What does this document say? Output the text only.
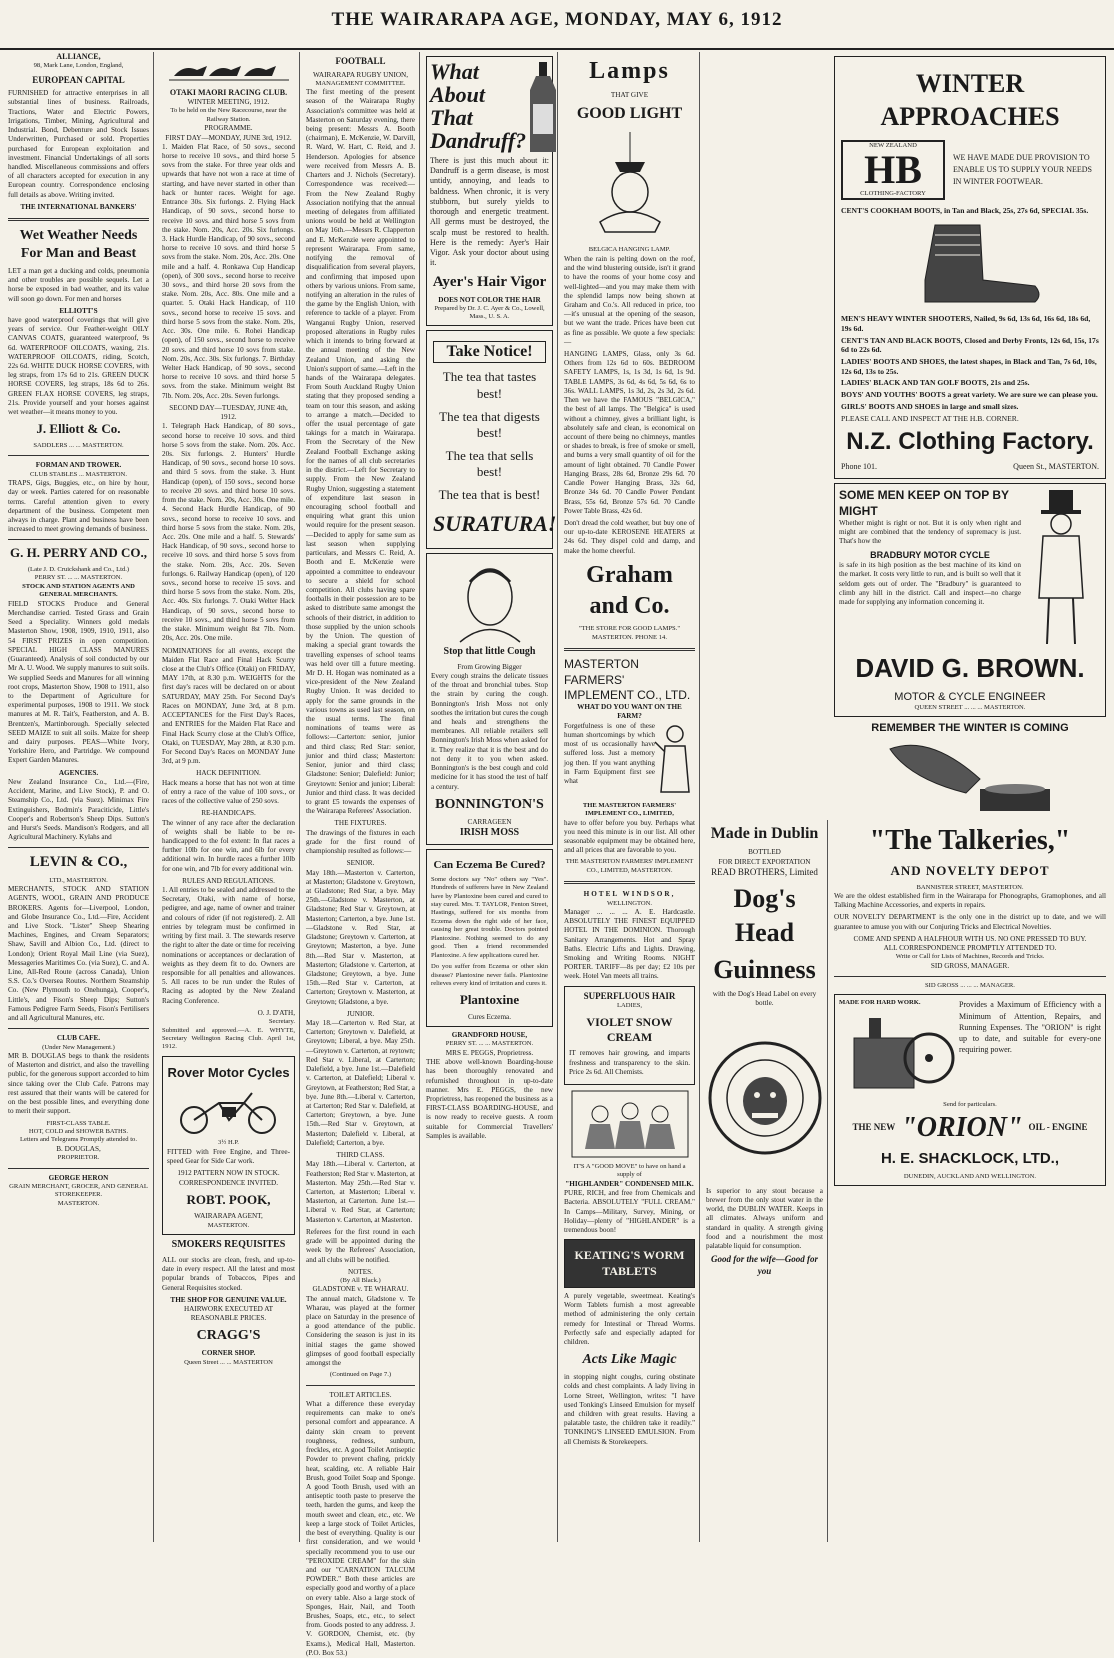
THE WAIRARAPA AGE, MONDAY, MAY 6, 1912
ALLIANCE,
98, Mark Lane, London, England,
EUROPEAN CAPITAL

FURNISHED for attractive enterprises in all substantial lines of business. Railroads, Tractions, Water and Electric Powers, Irrigations, Timber, Mining, Agricultural and Industrial. Bond, Debenture and Stock Issues Underwritten, Purchased or sold. Properties purchased for European exploitation and investment. Financial Undertakings of all sorts handled. Miscellaneous commissions and offers of all characters accepted for execution in any European country. Correspondence enclosing full details as above. Writing invited.

THE INTERNATIONAL BANKERS'
Wet Weather Needs For Man and Beast

LET a man get a ducking and colds, pneumonia and other troubles are possible sequels. Let a horse be exposed in bad weather, and its value will soon go down. For men and horses

ELLIOTT'S

have good waterproof coverings that will give years of service. Our Feather-weight OILY CANVAS COATS, guaranteed waterproof, 9s 6d. WATERPROOF OILCOATS, waxing, 21s. WATERPROOF OILCOATS, riding, Scotch, 22s 6d. WHITE DUCK HORSE COVERS, with leg straps, from 17s 6d to 21s. GREEN DUCK HORSE COVERS, leg straps, 18s 6d to 26s. GREEN FLAX HORSE COVERS, leg straps, 21s. Provide yourself and your horses against wet weather—it means money to you.

J. Elliott & Co.
SADDLERS ... ... MASTERTON.
FORMAN AND TROWER.
CLUB STABLES ... MASTERTON.

TRAPS, Gigs, Buggies, etc., on hire by hour, day or week. Parties catered for on reasonable terms. Careful attention given to every department of the business. Competent men always in charge. Plant and business have been increased to meet growing demands of business.

G. H. PERRY AND CO.,
(Late J. D. Cruickshank and Co., Ltd.)
PERRY ST. ... ... MASTERTON.
STOCK AND STATION AGENTS AND GENERAL MERCHANTS.

FIELD STOCKS Produce and General Merchandise carried. Tested Grass and Grain Seed a Speciality. Winners gold medals Masterton Show, 1908, 1909, 1910, 1911, also 54 FIRST PRIZES in open competition. SPECIAL HIGH CLASS MANURES (Guaranteed). Analysis of soil conducted by our Mr A. U. Wood. We supply manures to suit soils. We supplied Seeds and Manures for all winning root crops, Masterton Show, 1908 to 1911, also to the Department of Agriculture for experimental purposes, 1908 to 1911. We stock manures at M. R. Tait's, Featherston, and A. B. Brentzen's, Martinborough. Specially selected SEED MAIZE to suit all soils. Maize for sheep and dairy purposes. PEAS—White Ivory, Yorkshire Hero, and Partridge. We compound Expert Garden Manures.

AGENCIES.

New Zealand Insurance Co., Ltd.—(Fire, Accident, Marine, and Live Stock), P. and O. Steamship Co., Ltd. (via Suez). Minimax Fire Extinguishers, Bodmin's Paraciticide, Little's Cooper's and Robertson's Sheep Dips. Sutton's and Hurst's Seeds. Mandison's Rodgers, and all Agricultural Machinery. Kylahs and

LEVIN & CO.,
LTD., MASTERTON.

MERCHANTS, STOCK AND STATION AGENTS, WOOL, GRAIN AND PRODUCE BROKERS. Agents for—Liverpool, London, and Globe Insurance Co., Ltd.—Fire, Accident and Live Stock. "Lister" Sheep Shearing Machines, Engines, and Cream Separators; Shaw, Savill and Albion Co., Ltd. (direct to London); Orient Royal Mail Line (via Suez), Messageries Maritimes Co. (via Suez), C. and A. Line, All-Red Route (across Canada), Union S.S. Co.'s Oversea Routes. Northern Steamship Co. (New Plymouth to Onehunga), Cooper's, Little's, and Fison's Sheep Dips; Sutton's Famous Pedigree Farm Seeds, Fison's Fertilisers and all Agricultural Manures, etc.

CLUB CAFE.
(Under New Management.)

MR B. DOUGLAS begs to thank the residents of Masterton and district, and also the travelling public, for the generous support accorded to him since taking over the Club Cafe. Patrons may rest assured that their wants will be catered for on the best possible lines, and everything done to merit their support.

FIRST-CLASS TABLE.
HOT, COLD and SHOWER BATHS.
Letters and Telegrams Promptly attended to.
B. DOUGLAS,
PROPRIETOR.
GEORGE HERON
GRAIN MERCHANT, GROCER, AND GENERAL STOREKEEPER.
MASTERTON.
OTAKI MAORI RACING CLUB.
WINTER MEETING, 1912.
To be held on the New Racecourse, near the Railway Station.
PROGRAMME.
FIRST DAY—MONDAY, JUNE 3rd, 1912.

1. Maiden Flat Race, of 50 sovs., second horse to receive 10 sovs., and third horse 5 sovs from the stake. For three year olds and upwards that have not won a race at time of starting, and have never started in other than hack or hunter races. Weight for age. Entrance 30s. Six furlongs. 2. Flying Hack Handicap, of 90 sovs., second horse to receive 10 sovs. and third horse 5 sovs from the stake. Nom. 20s, Acc. 20s. Six furlongs. 3. Hack Hurdle Handicap, of 90 sovs., second horse to receive 10 sovs. and third horse 5 sovs from the stake. Nom. 20s, Acc. 20s. One mile and a half. 4. Ronkawa Cup Handicap (open), of 300 sovs., second horse to receive 30 sovs., and third horse 20 sovs from the stake. Nom. 20s, Acc. 80s. One mile and a quarter. 5. Otaki Hack Handicap, of 110 sovs., second horse to receive 15 sovs. and third horse 5 sovs from the stake. Nom. 20s, Acc. 30s. One mile. 6. Rohei Handicap (open), of 150 sovs., second horse to receive 20 sovs. and third horse 10 sovs from stake. Nom. 20s, Acc. 30s. Six furlongs. 7. Birthday Welter Hack Handicap, of 90 sovs., second horse to receive 10 sovs. and third horse 5 sovs. from the stake. Minimum weight 8st 7lb. Nom. 20s, Acc. 20s. Seven furlongs.

SECOND DAY—TUESDAY, JUNE 4th, 1912.

1. Telegraph Hack Handicap, of 80 sovs., second horse to receive 10 sovs. and third horse 5 sovs from the stake. Nom. 20s. Acc. 20s. Six furlongs. 2. Hunters' Hurdle Handicap, of 90 sovs., second horse 10 sovs. and third 5 sovs. from the stake. 3. Hunt Handicap (open), of 150 sovs., second horse to receive 20 sovs. and third horse 10 sovs. from the stake. Nom. 20s, Acc. 30s. One mile. 4. Second Hack Hurdle Handicap, of 90 sovs., second horse to receive 10 sovs. and third horse 5 sovs from the stake. Nom. 20s, Acc. 20s. One mile and a half. 5. Stewards' Hack Handicap, of 90 sovs., second horse to receive 10 sovs. and third horse 5 sovs from the stake. Nom. 20s, Acc. 20s. Seven furlongs. 6. Railway Handicap (open), of 120 sovs., second horse to receive 15 sovs. and third horse 5 sovs from the stake. Nom. 20s, Acc. 40s. Six furlongs. 7. Otaki Welter Hack Handicap, of 90 sovs., second horse to receive 10 sovs., and third horse 5 sovs from the stake. Minimum weight 8st 7lb. Nom. 20s, Acc. 20s. One mile.

NOMINATIONS for all events, except the Maiden Flat Race and Final Hack Scurry close at the Club's Office (Otaki) on FRIDAY, MAY 17th, at 8.30 p.m. WEIGHTS for the first day's races will be declared on or about SATURDAY, MAY 25th. For Second Day's Races on MONDAY, June 3rd, at 8 p.m. ACCEPTANCES for the First Day's Races, and ENTRIES for the Maiden Flat Race and Final Hack Scurry close at the Club's Office, Otaki, on TUESDAY, May 28th, at 8.30 p.m. For Second Day's Races on MONDAY June 3rd, at 9 p.m.

HACK DEFINITION.

Hack means a horse that has not won at time of entry a race of the value of 100 sovs., or races of the collective value of 250 sovs.

RE-HANDICAPS.

The winner of any race after the declaration of weights shall be liable to be re-handicapped to the fol extent: In flat races a further 10lb for one win, and 6lb for every additional win. In hurdle races a further 10lb for one win, and 7lb for every additional win.

RULES AND REGULATIONS.

1. All entries to be sealed and addressed to the Secretary, Otaki, with name of horse, pedigree, and age, name of owner and trainer and colours of rider (if not registered). 2. All entries by telegram must be confirmed in writing by first mail. 3. The stewards reserve the right to alter the date or time for receiving nominations or acceptances or declaration of weights as they deem fit to do. Owners are responsible for all penalties and allowances. 5. All races to be run under the Rules of Racing as adopted by the New Zealand Racing Conference.

O. J. D'ATH,
Secretary.

Submitted and approved.—A. E. WHYTE, Secretary Wellington Racing Club. April 1st, 1912.

Rover Motor Cycles
3½ H.P.

FITTED with Free Engine, and Three-speed Gear for Side Car work.

1912 PATTERN NOW IN STOCK.
CORRESPONDENCE INVITED.
ROBT. POOK,
WAIRARAPA AGENT,
MASTERTON.
SMOKERS REQUISITES

ALL our stocks are clean, fresh, and up-to-date in every respect. All the latest and most popular brands of Tobaccos, Pipes and General Requisites stocked.

THE SHOP FOR GENUINE VALUE.
HAIRWORK EXECUTED AT REASONABLE PRICES.
CRAGG'S
CORNER SHOP.
Queen Street ... ... MASTERTON
FOOTBALL
WAIRARAPA RUGBY UNION,
MANAGEMENT COMMITTEE.

The first meeting of the present season of the Wairarapa Rugby Association's committee was held at Masterton on Saturday evening, there being present: Messrs A. Booth (chairman), E. McKenzie, W. Darvill, R. Ward, W. Hart, C. Reid, and J. Henderson. Apologies for absence were received from Messrs A. B. Charters and J. Nichols (Secretary). Correspondence was received:—From the New Zealand Rugby Association notifying that the annual meeting of delegates from affiliated unions would be held at Wellington on May 16th.—Messrs R. Clapperton and E. McKenzie were appointed to represent Wairarapa. From same, notifying the removal of disqualification from several players, and confirming that imposed upon others by various unions. From same, notifying an alteration in the rules of the game by the English Union, with reference to tackle of a player. From Wanganui Rugby Union, reserved proposed alterations in Rugby rules which it intends to bring forward at the annual meeting of the New Zealand Union, and asking the Union's support of same.—Left in the hands of the Wairarapa delegates. From South Auckland Rugby Union stating that they proposed sending a team on tour this season, and asking to arrange a match.—Decided to offer the usual percentage of gate takings for a match in Wairarapa. From the Secretary of the New Zealand Football Exchange asking for the names of all club secretaries in the district.—Left for Secretary to supply. From the New Zealand Rugby Union, suggesting a statement of expenditure last season in encouraging school football and enquiring what grant this union would require for the present season.—Decided to apply for same sum as last season when supplying particulars, and Messrs C. Reid, A. Booth and E. McKenzie were appointed a committee to endeavour to secure a shield for school competition. All clubs having spare footballs in their possession are to be asked to distribute same amongst the schools of their district, in addition to those supplied by the union schools by the Union. The question of making a special grant towards the travelling expenses of school teams was held over till a future meeting. Mr D. H. Hogan was nominated as a vice-president of the New Zealand Rugby Union. It was decided to apply for the same grounds in the various towns as used last season, on the usual terms. The final nominations of teams were as follows:—Carterton: senior, junior and third class; Red Star: senior, junior and third class; Masterton: Senior, junior and third class; Gladstone: Senior; Dalefield: Junior; Greytown: Senior and junior; Liberal: Junior and third class. It was decided to grant £5 towards the expenses of the Wairarapa Referees' Association.

THE FIXTURES.

The drawings of the fixtures in each grade for the first round of championship resulted as follows:—

SENIOR.

May 18th.—Masterton v. Carterton, at Masterton; Gladstone v. Greytown, at Gladstone; Red Star, a bye. May 25th.—Gladstone v. Masterton, at Gladstone; Red Star v. Greytown, at Masterton; Carterton, a bye. June 1st.—Gladstone v. Red Star, at Gladstone; Greytown v. Carterton, at Greytown; Masterton, a bye. June 8th.—Red Star v. Masterton, at Masterton; Gladstone v. Carterton, at Gladstone; Greytown, a bye. June 15th.—Red Star v. Carterton, at Carterton; Greytown v. Masterton, at Greytown; Gladstone, a bye.

JUNIOR.

May 18.—Carterton v. Red Star, at Carterton; Greytown v. Dalefield, at Greytown; Liberal, a bye. May 25th.—Greytown v. Carterton, at reytown; Red Star v. Liberal, at Carterton; Dalefield, a bye. June 1st.—Dalefield v. Carterton, at Dalefield; Liberal v. Greytown, at Featherston; Red Star, a bye. June 8th.—Liberal v. Carterton, at Carterton; Red Star v. Dalefield, at Carterton; Greytown, a bye. June 15th.—Red Star v. Greytown, at Masterton; Dalefield v. Liberal, at Dalefield; Carterton, a bye.

THIRD CLASS.

May 18th.—Liberal v. Carterton, at Featherston; Red Star v. Masterton, at Masterton. May 25th.—Red Star v. Carterton, at Masterton; Liberal v. Masterton, at Carterton. June 1st.—Liberal v. Red Star, at Carterton; Masterton v. Carterton, at Masterton.

Referees for the first round in each grade will be appointed during the week by the Referees' Association, and all clubs will be notified.

NOTES.
(By All Black.)
GLADSTONE v. TE WHARAU.

The annual match, Gladstone v. Te Wharau, was played at the former place on Saturday in the presence of a good attendance of the public. Considering the season is just in its initial stages the game showed glimpses of good football especially amongst the

(Continued on Page 7.)
TOILET ARTICLES.

What a difference these everyday requirements can make to one's personal comfort and appearance. A dainty skin cream to prevent roughness, redness, sunburn, freckles, etc. A good Toilet Antiseptic Powder to prevent chafing, prickly heat, scalding, etc. A reliable Hair Brush, good Toilet Soap and Sponge. A good Tooth Brush, used with an antiseptic tooth paste to preserve the teeth, harden the gums, and keep the mouth sweet and clean, etc., etc. We keep a large stock of Toilet Articles, the best of everything. Quality is our first consideration, and we would specially recommend you to use our "PEROXIDE CREAM" for the skin and our "CARNATION TALCUM POWDER." Both these articles are especially good and worthy of a place on every table. Also a large stock of Sponges, Hair, Nail, and Tooth Brushes, Soaps, etc., etc., to select from. Goods posted to any address. J. V. GORDON, Chemist, etc. (by Exams.), Medical Hall, Masterton. (P.O. Box 53.)

What About That Dandruff?

There is just this much about it: Dandruff is a germ disease, is most untidy, annoying, and leads to baldness. When chronic, it is very stubborn, but surely yields to thorough and energetic treatment. All germs must be destroyed, the scalp must be restored to health. Here is the remedy: Ayer's Hair Vigor. Ask your doctor about using it.

Ayer's Hair Vigor
DOES NOT COLOR THE HAIR
Prepared by Dr. J. C. Ayer & Co., Lowell, Mass., U. S. A.
Take Notice!
The tea that tastes best!
The tea that digests best!
The tea that sells best!
The tea that is best!
SURATURA!
Stop that little Cough
From Growing Bigger

Every cough strains the delicate tissues of the throat and bronchial tubes. Stop the strain by curing the cough. Bonnington's Irish Moss not only soothes the irritation but cures the cough and heals and strengthens the membranes. All reliable retailers sell Bonnington's Irish Moss when asked for it. They realize that it is the best and do not deny it to you when asked. Bonnington's is the best cough and cold medicine for it has stood the test of half a century.

BONNINGTON'S
CARRAGEEN
IRISH MOSS
Can Eczema Be Cured?

Some doctors say "No" others say "Yes". Hundreds of sufferers have in New Zealand have by Plantoxine been cured and cured to stay cured. Mrs. T. TAYLOR, Fenton Street, Hastings, suffered for six months from Eczema down the right side of her face, causing her great trouble. Doctors pointed Plantoxine. Nothing seemed to do any good. Then a friend recommended Plantoxine. A few applications cured her.

Do you suffer from Eczema or other skin disease? Plantoxine never fails. Plantoxine relieves every kind of irritation and cures it.

Plantoxine
Cures Eczema.
GRANDFORD HOUSE,
PERRY ST. ... ... MASTERTON.
MRS E. PEGGS, Proprietress.

THE above well-known Boarding-house has been thoroughly renovated and refurnished throughout in up-to-date manner. Mrs E. PEGGS, the new Proprietress, has reopened the business as a FIRST-CLASS BOARDING-HOUSE, and is now ready to receive guests. A room suitable for Commercial Travellers' Samples is available.

Lamps
THAT GIVE
GOOD LIGHT
BELGICA HANGING LAMP.

When the rain is pelting down on the roof, and the wind blustering outside, isn't it grand to have the rooms of your home cosy and well-lighted—and you may make them with the splendid lamps now being shown at Graham and Co.'s. All reduced in price, too—it's unusual at the opening of the season, but we want the trade. Prices have been cut as fine as possible. We quote a few specials:—

HANGING LAMPS, Glass, only 3s 6d. Others from 12s 6d to 60s. BEDROOM SAFETY LAMPS, 1s, 1s 3d, 1s 6d, 1s 9d. TABLE LAMPS, 3s 6d, 4s 6d, 5s 6d, 6s to 36s. WALL LAMPS, 1s 3d, 2s, 2s 3d, 2s 6d. Then we have the FAMOUS "BELGICA," the best of all lamps. The "Belgica" is used without a chimney, gives a brilliant light, is absolutely safe and clean, is economical on account of there being no chimneys, mantles or shades to break, is free of smoke or smell, and burns a very small quantity of oil for the amount of light obtained. 70 Candle Power Hanging Brass, 28s 6d, Bronze 29s 6d. 70 Candle Power Hanging Brass, 32s 6d, Bronze 34s 6d. 70 Candle Power Pendant Brass, 55s 6d, Bronze 57s 6d. 70 Candle Power Table Brass, 42s 6d.

Don't dread the cold weather, but buy one of our up-to-date KEROSENE HEATERS at 24s 6d. They dispel cold and damp, and make the home cheerful.

Graham and Co.
"THE STORE FOR GOOD LAMPS." MASTERTON. PHONE 14.
MASTERTON FARMERS' IMPLEMENT CO., LTD.
WHAT DO YOU WANT ON THE FARM?

Forgetfulness is one of these human shortcomings by which most of us occasionally have suffered loss. Just a memory jog then. If you want anything in Farm Equipment first see what

THE MASTERTON FARMERS' IMPLEMENT CO., LIMITED,

have to offer before you buy. Perhaps what you need this minute is in our list. All other seasonable equipment may be obtained here, and all prices that are favorable to you.

THE MASTERTON FARMERS' IMPLEMENT CO., LIMITED, MASTERTON.
HOTEL WINDSOR,
WELLINGTON.

Manager ... ... ... A. E. Hardcastle. ABSOLUTELY THE FINEST EQUIPPED HOTEL IN THE DOMINION. Thorough Sanitary Arrangements. Hot and Spray Baths. Electric Lifts and Lights. Drawing, Smoking and Writing Rooms. NIGHT PORTER. TARIFF—8s per day; £2 10s per week. Hotel Van meets all trains.

SUPERFLUOUS HAIR
LADIES,
VIOLET SNOW CREAM

IT removes hair growing, and imparts freshness and transparency to the skin. Price 2s 6d. All Chemists.

IT'S A "GOOD MOVE" to have on hand a supply of
"HIGHLANDER" CONDENSED MILK.

PURE, RICH, and free from Chemicals and Bacteria. ABSOLUTELY "FULL CREAM." In Camps—Military, Survey, Mining, or Holiday—plenty of "HIGHLANDER" is a tremendous boon!

KEATING'S WORM TABLETS

A purely vegetable, sweetmeat. Keating's Worm Tablets furnish a most agreeable method of administering the only certain remedy for Intestinal or Thread Worms. Perfectly safe and especially adapted for children.

Acts Like Magic

in stopping night coughs, curing obstinate colds and chest complaints. A lady living in Lorne Street, Wellington, writes: "I have used Tonking's Linseed Emulsion for myself and children with great results. Having a palatable taste, the children take it readily." TONKING'S LINSEED EMULSION. From all Chemists & Storekeepers.

Made in Dublin
BOTTLED
FOR DIRECT EXPORTATION
READ BROTHERS, Limited
Dog's Head
Guinness
with the Dog's Head Label on every bottle.

Is superior to any stout because a brewer from the only stout water in the world, the DUBLIN WATER. Keeps in all climates. Always uniform and standard in quality. A strength giving food and a nourishment the most palatable liquid for consumption.

Good for the wife—Good for you
WINTER APPROACHES
NEW ZEALAND
HB
CLOTHING-FACTORY
WE HAVE MADE DUE PROVISION TO ENABLE US TO SUPPLY YOUR NEEDS IN WINTER FOOTWEAR.
CENT'S COOKHAM BOOTS, in Tan and Black, 25s, 27s 6d, SPECIAL 35s.
MEN'S HEAVY WINTER SHOOTERS, Nailed, 9s 6d, 13s 6d, 16s 6d, 18s 6d, 19s 6d.
CENT'S TAN AND BLACK BOOTS, Closed and Derby Fronts, 12s 6d, 15s, 17s 6d to 22s 6d.
LADIES' BOOTS AND SHOES, the latest shapes, in Black and Tan, 7s 6d, 10s, 12s 6d, 13s to 25s.
LADIES' BLACK AND TAN GOLF BOOTS, 21s and 25s.
BOYS' AND YOUTHS' BOOTS a great variety. We are sure we can please you.
GIRLS' BOOTS AND SHOES in large and small sizes.
PLEASE CALL AND INSPECT AT THE H.B. CORNER.
N.Z. Clothing Factory.
Phone 101.	Queen St., MASTERTON.
SOME MEN KEEP ON TOP BY MIGHT

Whether might is right or not. But it is only when right and might are combined that the tendency of supremacy is just. That's how the

BRADBURY MOTOR CYCLE

is safe in its high position as the best machine of its kind on the market. It costs very little to run, and is built so well that it seldom gets out of order. The "Bradbury" is guaranteed to climb any hill in the district. Call and inspect—no charge made for supplying any information concerning it.

DAVID G. BROWN.
MOTOR & CYCLE ENGINEER
QUEEN STREET ... ... ... MASTERTON.
REMEMBER THE WINTER IS COMING
"The Talkeries,"
AND NOVELTY DEPOT
BANNISTER STREET, MASTERTON.

We are the oldest established firm in the Wairarapa for Phonographs, Gramophones, and all Talking Machine Accessories, and experts in repairs.

OUR NOVELTY DEPARTMENT is the only one in the district up to date, and we will guarantee to amuse you with our Conjuring Tricks and Electrical Novelties.

COME AND SPEND A HALFHOUR WITH US. NO ONE PRESSED TO BUY.
ALL CORRESPONDENCE PROMPTLY ATTENDED TO.
Write or Call for Lists of Machines, Records and Tricks.
SID GROSS, MANAGER.
SID GROSS ... ... ... MANAGER.
MADE FOR HARD WORK.	Provides a Maximum of Efficiency with a Minimum of Attention, Repairs, and Running Expenses. The "ORION" is right up to date, and suitable for every-one requiring power.

Send for particulars.
THE NEW "ORION" OIL - ENGINE
H. E. SHACKLOCK, LTD.,
DUNEDIN, AUCKLAND AND WELLINGTON.
